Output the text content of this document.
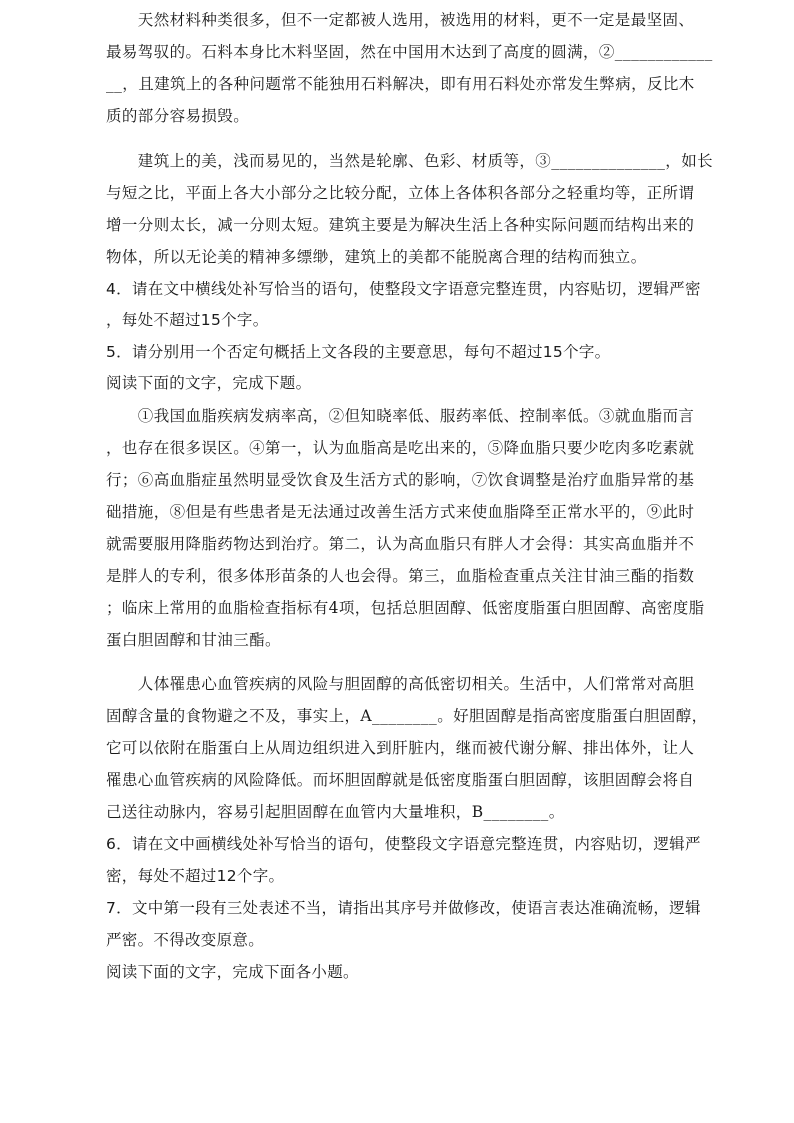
　　天然材料种类很多，但不一定都被人选用，被选用的材料，更不一定是最坚固、
最易驾驭的。石料本身比木料坚固，然在中国用木达到了高度的圆满，②____________
__，且建筑上的各种问题常不能独用石料解决，即有用石料处亦常发生弊病，反比木
质的部分容易损毁。
　　建筑上的美，浅而易见的，当然是轮廓、色彩、材质等，③______________，如长
与短之比，平面上各大小部分之比较分配，立体上各体积各部分之轻重均等，正所谓
增一分则太长，减一分则太短。建筑主要是为解决生活上各种实际问题而结构出来的
物体，所以无论美的精神多缥缈，建筑上的美都不能脱离合理的结构而独立。
4．请在文中横线处补写恰当的语句，使整段文字语意完整连贯，内容贴切，逻辑严密
，每处不超过15个字。
5．请分别用一个否定句概括上文各段的主要意思，每句不超过15个字。
阅读下面的文字，完成下题。
　　①我国血脂疾病发病率高，②但知晓率低、服药率低、控制率低。③就血脂而言
，也存在很多误区。④第一，认为血脂高是吃出来的，⑤降血脂只要少吃肉多吃素就
行；⑥高血脂症虽然明显受饮食及生活方式的影响，⑦饮食调整是治疗血脂异常的基
础措施，⑧但是有些患者是无法通过改善生活方式来使血脂降至正常水平的，⑨此时
就需要服用降脂药物达到治疗。第二，认为高血脂只有胖人才会得：其实高血脂并不
是胖人的专利，很多体形苗条的人也会得。第三，血脂检查重点关注甘油三酯的指数
；临床上常用的血脂检查指标有4项，包括总胆固醇、低密度脂蛋白胆固醇、高密度脂
蛋白胆固醇和甘油三酯。
　　人体罹患心血管疾病的风险与胆固醇的高低密切相关。生活中，人们常常对高胆
固醇含量的食物避之不及，事实上，A________。好胆固醇是指高密度脂蛋白胆固醇，
它可以依附在脂蛋白上从周边组织进入到肝脏内，继而被代谢分解、排出体外，让人
罹患心血管疾病的风险降低。而坏胆固醇就是低密度脂蛋白胆固醇，该胆固醇会将自
己送往动脉内，容易引起胆固醇在血管内大量堆积，B________。
6．请在文中画横线处补写恰当的语句，使整段文字语意完整连贯，内容贴切，逻辑严
密，每处不超过12个字。
7．文中第一段有三处表述不当，请指出其序号并做修改，使语言表达准确流畅，逻辑
严密。不得改变原意。
阅读下面的文字，完成下面各小题。
